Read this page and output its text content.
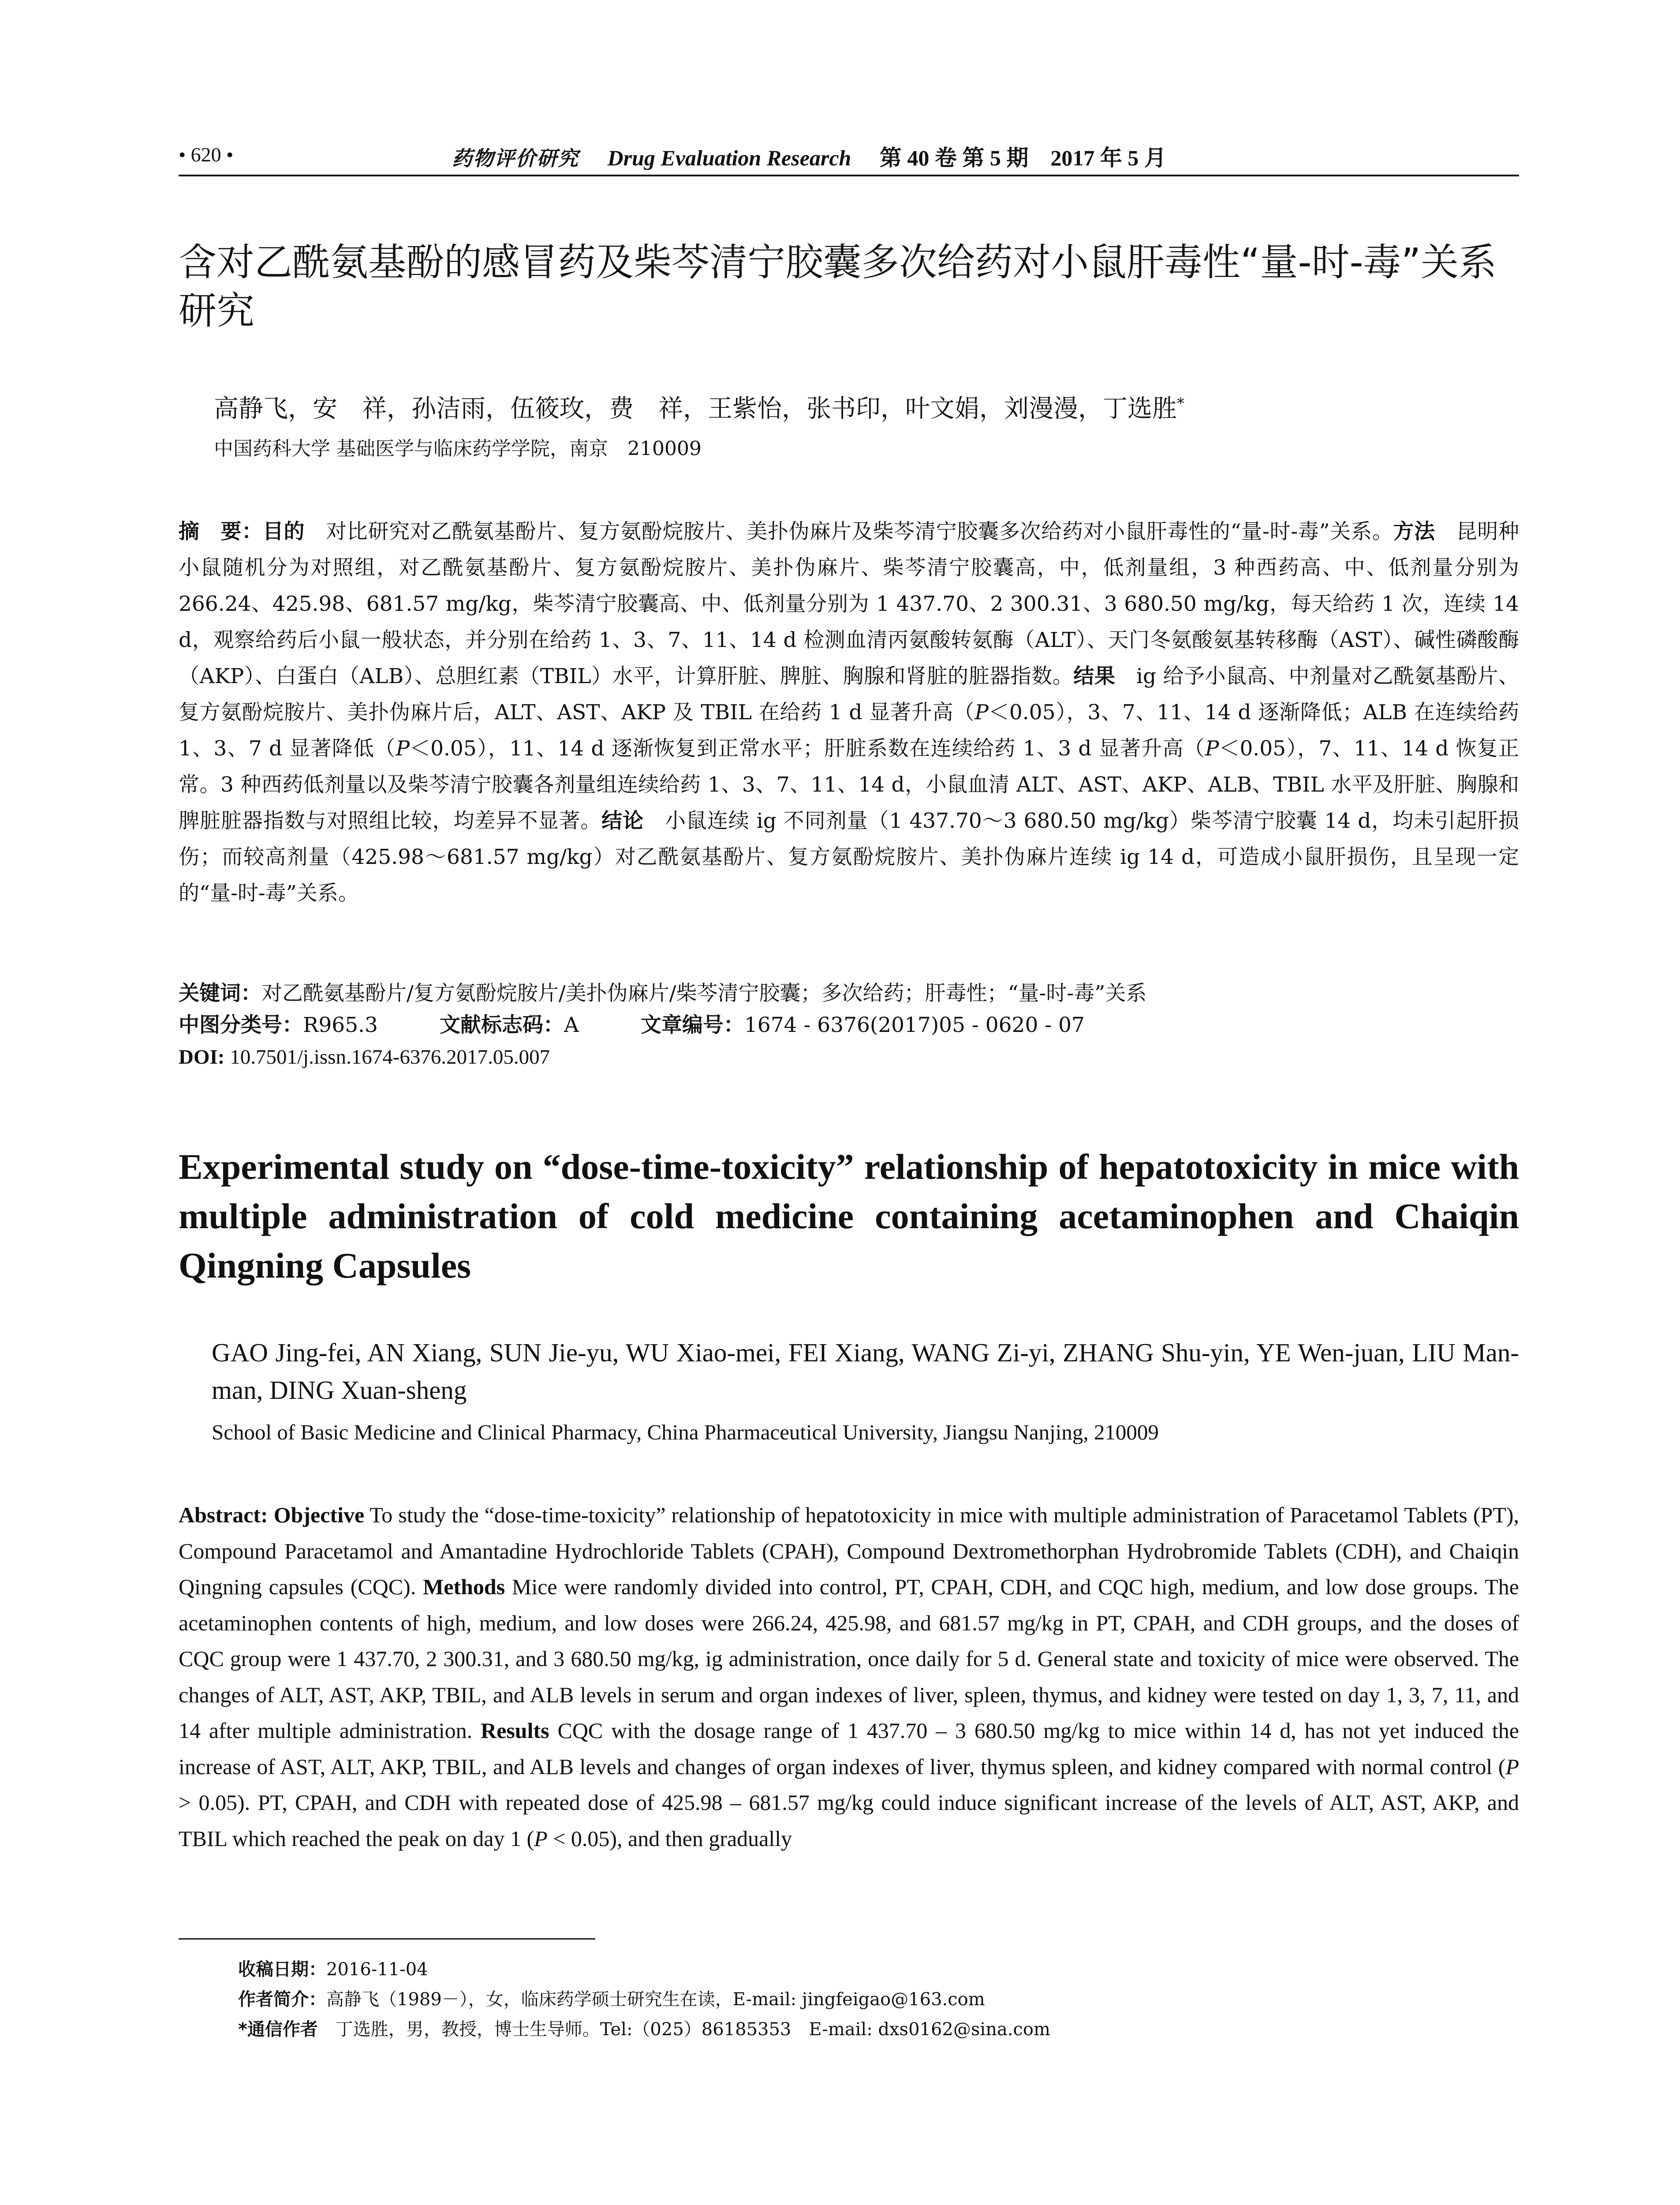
• 620 •	药物评价研究 Drug Evaluation Research 第 40 卷 第 5 期　2017 年 5 月
含对乙酰氨基酚的感冒药及柴芩清宁胶囊多次给药对小鼠肝毒性“量-时-毒”关系研究
高静飞，安　祥，孙洁雨，伍筱玫，费　祥，王紫怡，张书印，叶文娟，刘漫漫，丁选胜*
中国药科大学 基础医学与临床药学学院，南京　210009

摘　要：目的　对比研究对乙酰氨基酚片、复方氨酚烷胺片、美扑伪麻片及柴芩清宁胶囊多次给药对小鼠肝毒性的“量-时-毒”关系。方法　昆明种小鼠随机分为对照组，对乙酰氨基酚片、复方氨酚烷胺片、美扑伪麻片、柴芩清宁胶囊高，中，低剂量组，3 种西药高、中、低剂量分别为 266.24、425.98、681.57 mg/kg，柴芩清宁胶囊高、中、低剂量分别为 1 437.70、2 300.31、3 680.50 mg/kg，每天给药 1 次，连续 14 d，观察给药后小鼠一般状态，并分别在给药 1、3、7、11、14 d 检测血清丙氨酸转氨酶（ALT）、天门冬氨酸氨基转移酶（AST）、碱性磷酸酶（AKP）、白蛋白（ALB）、总胆红素（TBIL）水平，计算肝脏、脾脏、胸腺和肾脏的脏器指数。结果　ig 给予小鼠高、中剂量对乙酰氨基酚片、复方氨酚烷胺片、美扑伪麻片后，ALT、AST、AKP 及 TBIL 在给药 1 d 显著升高（P＜0.05），3、7、11、14 d 逐渐降低；ALB 在连续给药 1、3、7 d 显著降低（P＜0.05），11、14 d 逐渐恢复到正常水平；肝脏系数在连续给药 1、3 d 显著升高（P＜0.05），7、11、14 d 恢复正常。3 种西药低剂量以及柴芩清宁胶囊各剂量组连续给药 1、3、7、11、14 d，小鼠血清 ALT、AST、AKP、ALB、TBIL 水平及肝脏、胸腺和脾脏脏器指数与对照组比较，均差异不显著。结论　小鼠连续 ig 不同剂量（1 437.70～3 680.50 mg/kg）柴芩清宁胶囊 14 d，均未引起肝损伤；而较高剂量（425.98～681.57 mg/kg）对乙酰氨基酚片、复方氨酚烷胺片、美扑伪麻片连续 ig 14 d，可造成小鼠肝损伤，且呈现一定的“量-时-毒”关系。

关键词：对乙酰氨基酚片/复方氨酚烷胺片/美扑伪麻片/柴芩清宁胶囊；多次给药；肝毒性；“量-时-毒”关系

中图分类号：R965.3	文献标志码：A	文章编号：1674 - 6376(2017)05 - 0620 - 07

DOI: 10.7501/j.issn.1674-6376.2017.05.007

Experimental study on “dose-time-toxicity” relationship of hepatotoxicity in mice with multiple administration of cold medicine containing acetaminophen and Chaiqin Qingning Capsules
GAO Jing-fei, AN Xiang, SUN Jie-yu, WU Xiao-mei, FEI Xiang, WANG Zi-yi, ZHANG Shu-yin, YE Wen-juan, LIU Man-man, DING Xuan-sheng
School of Basic Medicine and Clinical Pharmacy, China Pharmaceutical University, Jiangsu Nanjing, 210009

Abstract: Objective To study the “dose-time-toxicity” relationship of hepatotoxicity in mice with multiple administration of Paracetamol Tablets (PT), Compound Paracetamol and Amantadine Hydrochloride Tablets (CPAH), Compound Dextromethorphan Hydrobromide Tablets (CDH), and Chaiqin Qingning capsules (CQC). Methods Mice were randomly divided into control, PT, CPAH, CDH, and CQC high, medium, and low dose groups. The acetaminophen contents of high, medium, and low doses were 266.24, 425.98, and 681.57 mg/kg in PT, CPAH, and CDH groups, and the doses of CQC group were 1 437.70, 2 300.31, and 3 680.50 mg/kg, ig administration, once daily for 5 d. General state and toxicity of mice were observed. The changes of ALT, AST, AKP, TBIL, and ALB levels in serum and organ indexes of liver, spleen, thymus, and kidney were tested on day 1, 3, 7, 11, and 14 after multiple administration. Results CQC with the dosage range of 1 437.70 – 3 680.50 mg/kg to mice within 14 d, has not yet induced the increase of AST, ALT, AKP, TBIL, and ALB levels and changes of organ indexes of liver, thymus spleen, and kidney compared with normal control (P > 0.05). PT, CPAH, and CDH with repeated dose of 425.98 – 681.57 mg/kg could induce significant increase of the levels of ALT, AST, AKP, and TBIL which reached the peak on day 1 (P < 0.05), and then gradually

收稿日期：2016-11-04
作者简介：高静飞（1989－），女，临床药学硕士研究生在读，E-mail: jingfeigao@163.com
*通信作者　丁选胜，男，教授，博士生导师。Tel:（025）86185353　E-mail: dxs0162@sina.com
